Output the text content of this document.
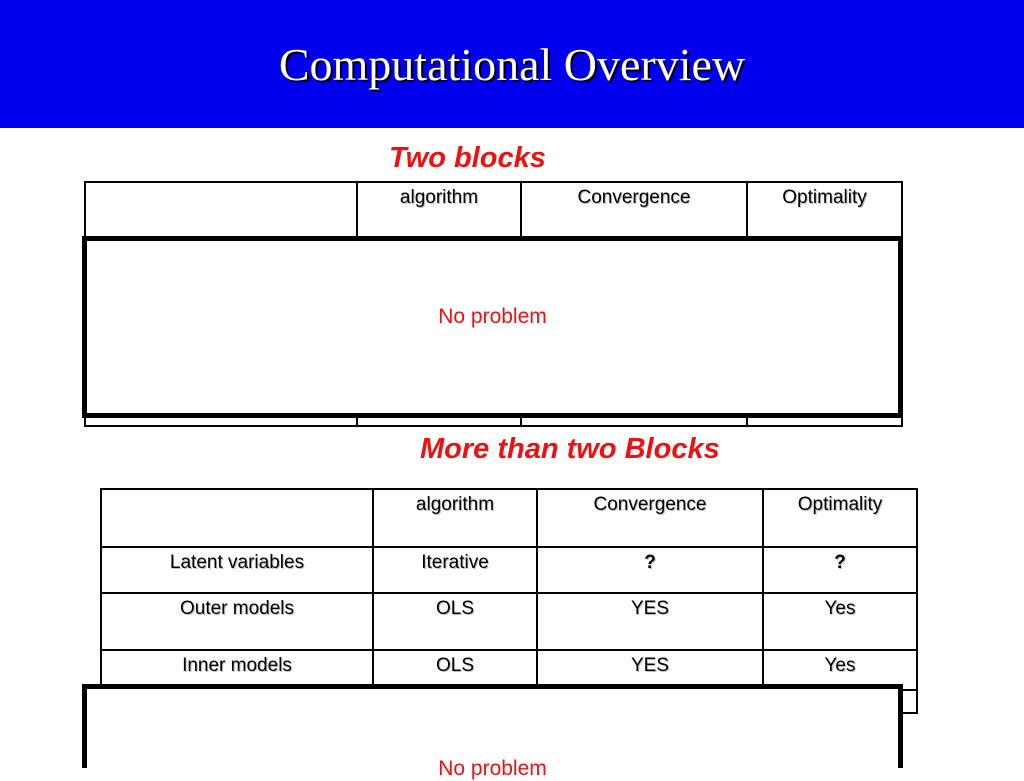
Computational Overview
Two blocks
	algorithm	Convergence	Optimality

No problem
More than two Blocks
	algorithm	Convergence	Optimality
Latent variables	Iterative	?	?
Outer models	OLS	YES	Yes
Inner models	OLS	YES	Yes

No problem
